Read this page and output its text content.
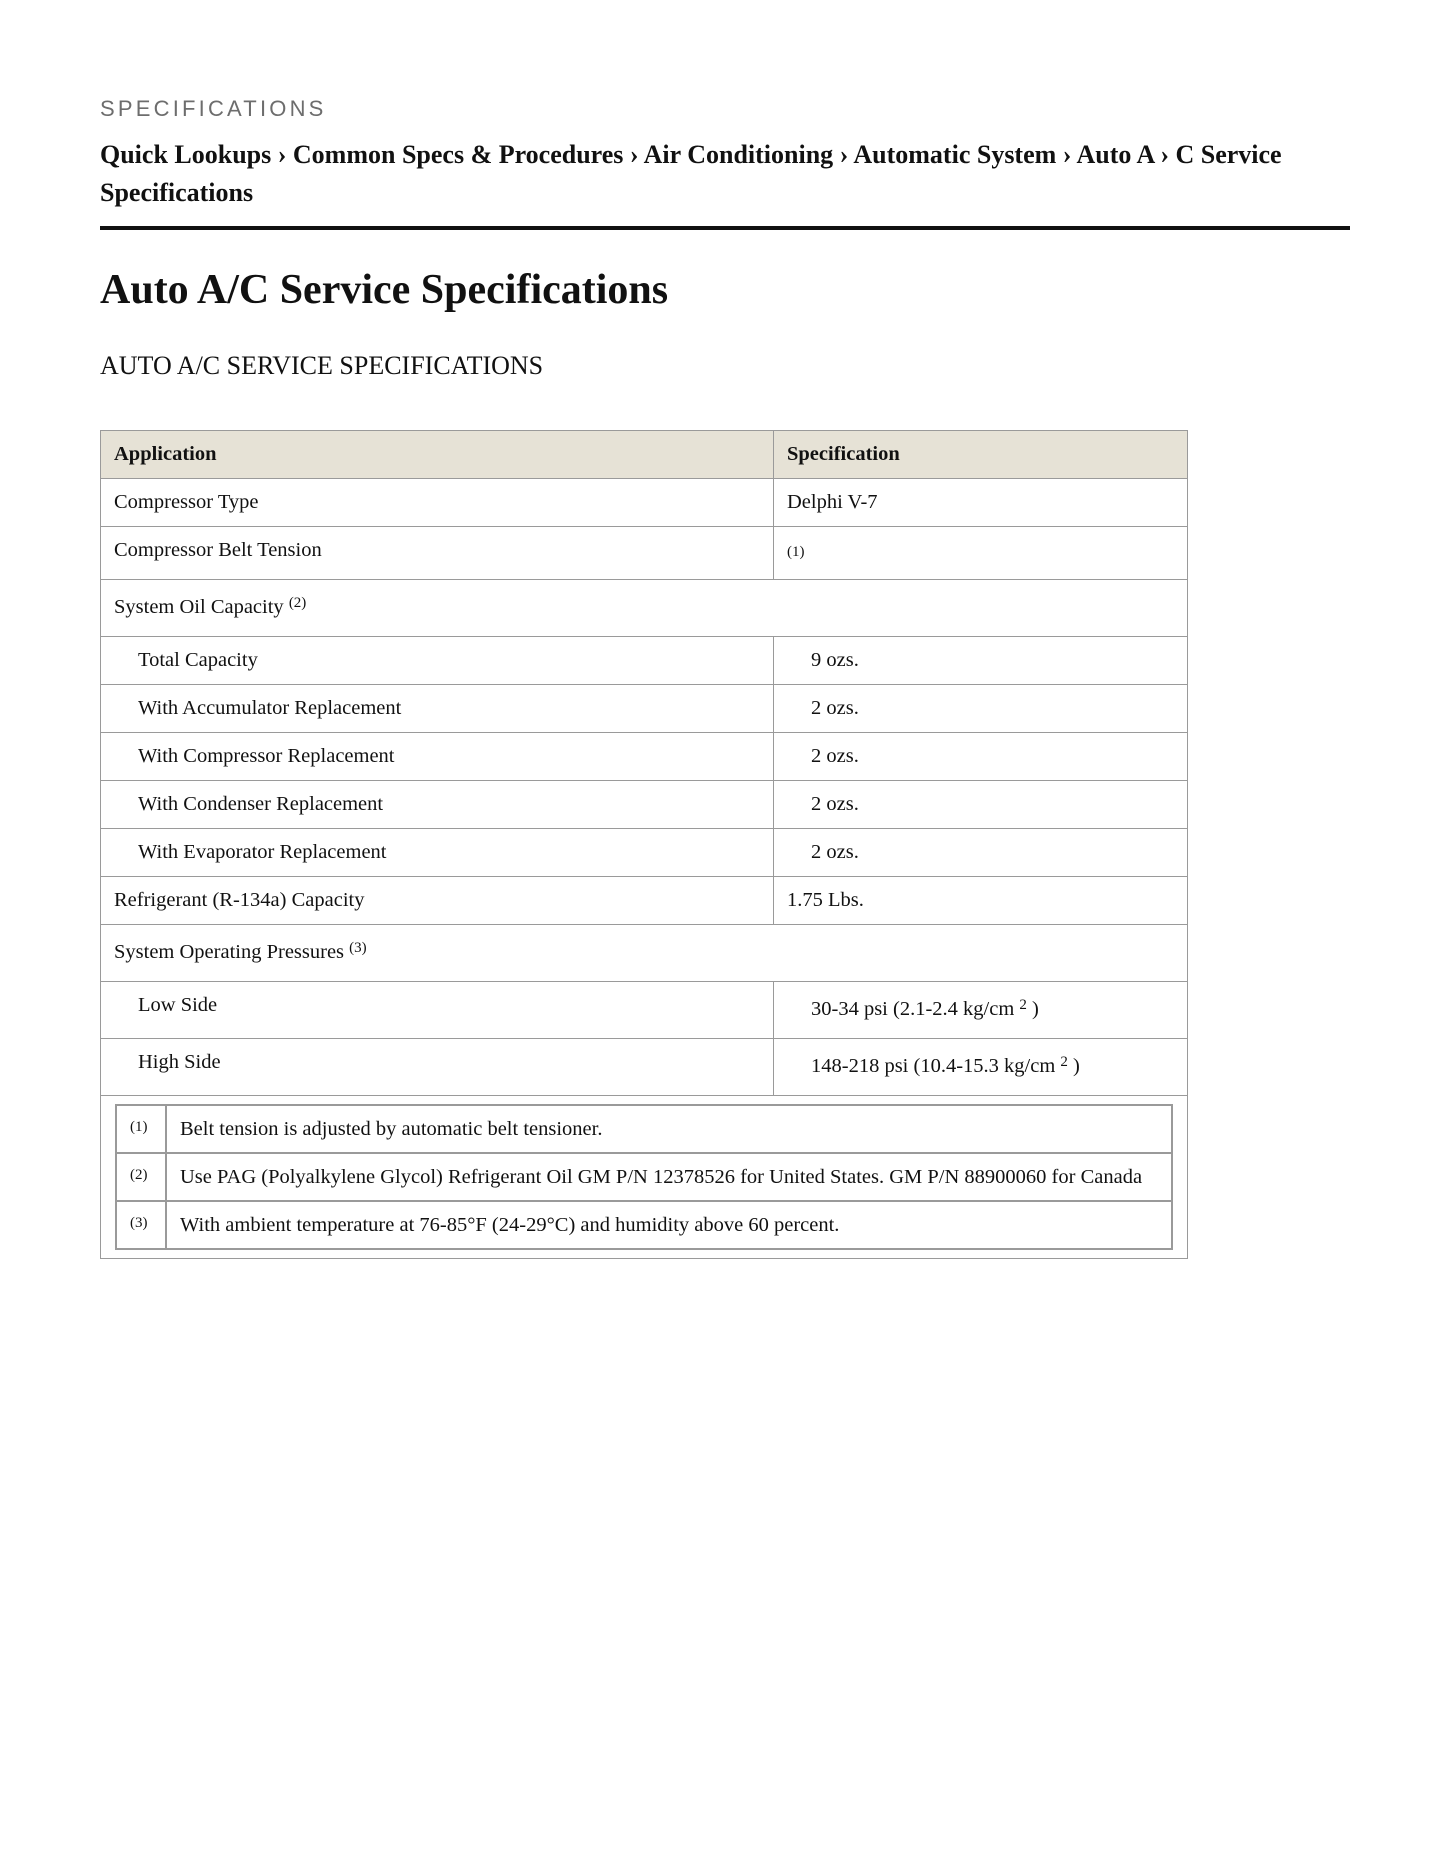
SPECIFICATIONS

Quick Lookups › Common Specs & Procedures › Air Conditioning › Automatic System › Auto A › C Service Specifications
Auto A/C Service Specifications
AUTO A/C SERVICE SPECIFICATIONS
Application	Specification
Compressor Type	Delphi V-7
Compressor Belt Tension	(1)
System Oil Capacity $^{(2)}$
Total Capacity	9 ozs.
With Accumulator Replacement	2 ozs.
With Compressor Replacement	2 ozs.
With Condenser Replacement	2 ozs.
With Evaporator Replacement	2 ozs.
Refrigerant (R-134a) Capacity	1.75 Lbs.
System Operating Pressures $^{(3)}$
Low Side	30-34 psi (2.1-2.4 kg/cm $^2$ )
High Side	148-218 psi (10.4-15.3 kg/cm $^2$ )

(1)	Belt tension is adjusted by automatic belt tensioner.
(2)	Use PAG (Polyalkylene Glycol) Refrigerant Oil GM P/N 12378526 for United States. GM P/N 88900060 for Canada
(3)	With ambient temperature at 76-85°F (24-29°C) and humidity above 60 percent.
